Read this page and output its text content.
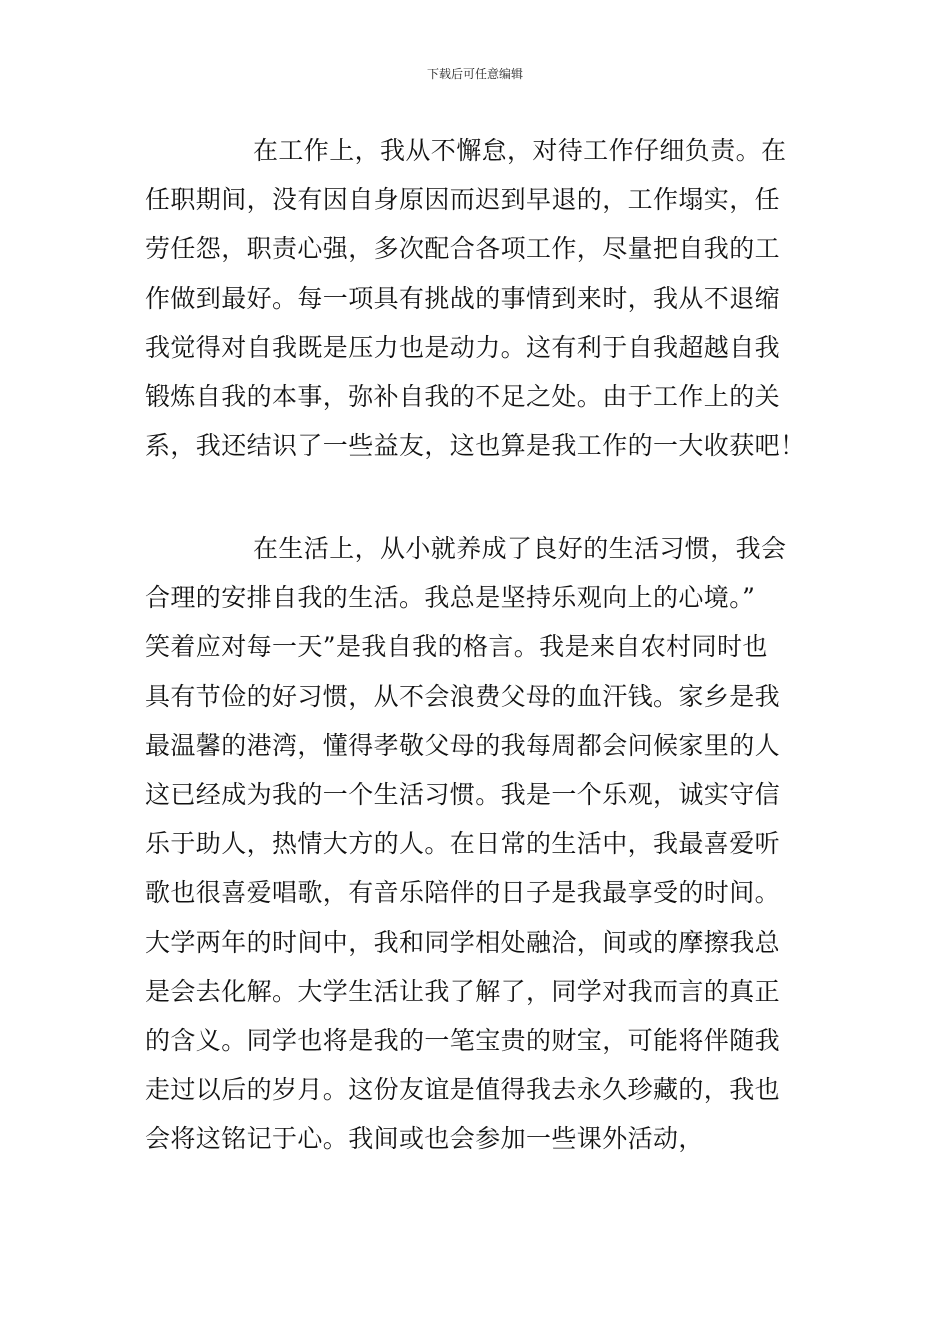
下载后可任意编辑
在工作上，我从不懈怠，对待工作仔细负责。在
任职期间，没有因自身原因而迟到早退的，工作塌实，任
劳任怨，职责心强，多次配合各项工作，尽量把自我的工
作做到最好。每一项具有挑战的事情到来时，我从不退缩
我觉得对自我既是压力也是动力。这有利于自我超越自我
锻炼自我的本事，弥补自我的不足之处。由于工作上的关
系，我还结识了一些益友，这也算是我工作的一大收获吧！
在生活上，从小就养成了良好的生活习惯，我会
合理的安排自我的生活。我总是坚持乐观向上的心境。”
笑着应对每一天”是我自我的格言。我是来自农村同时也
具有节俭的好习惯，从不会浪费父母的血汗钱。家乡是我
最温馨的港湾，懂得孝敬父母的我每周都会问候家里的人
这已经成为我的一个生活习惯。我是一个乐观，诚实守信
乐于助人，热情大方的人。在日常的生活中，我最喜爱听
歌也很喜爱唱歌，有音乐陪伴的日子是我最享受的时间。
大学两年的时间中，我和同学相处融洽，间或的摩擦我总
是会去化解。大学生活让我了解了，同学对我而言的真正
的含义。同学也将是我的一笔宝贵的财宝，可能将伴随我
走过以后的岁月。这份友谊是值得我去永久珍藏的，我也
会将这铭记于心。我间或也会参加一些课外活动，
